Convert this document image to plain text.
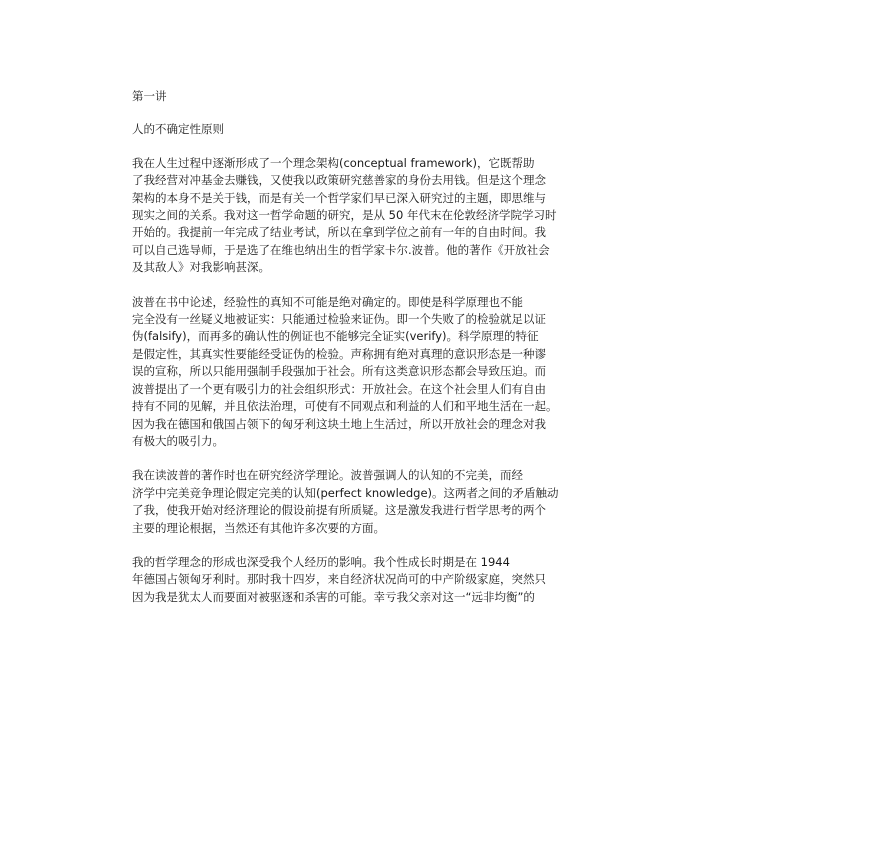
第一讲
人的不确定性原则

我在人生过程中逐渐形成了一个理念架构(conceptual framework)，它既帮助
了我经营对冲基金去赚钱，又使我以政策研究慈善家的身份去用钱。但是这个理念
架构的本身不是关于钱，而是有关一个哲学家们早已深入研究过的主题，即思维与
现实之间的关系。我对这一哲学命题的研究，是从 50 年代末在伦敦经济学院学习时
开始的。我提前一年完成了结业考试，所以在拿到学位之前有一年的自由时间。我
可以自己选导师，于是选了在维也纳出生的哲学家卡尔.波普。他的著作《开放社会
及其敌人》对我影响甚深。

波普在书中论述，经验性的真知不可能是绝对确定的。即使是科学原理也不能
完全没有一丝疑义地被证实：只能通过检验来证伪。即一个失败了的检验就足以证
伪(falsify)，而再多的确认性的例证也不能够完全证实(verify)。科学原理的特征
是假定性，其真实性要能经受证伪的检验。声称拥有绝对真理的意识形态是一种谬
误的宣称，所以只能用强制手段强加于社会。所有这类意识形态都会导致压迫。而
波普提出了一个更有吸引力的社会组织形式：开放社会。在这个社会里人们有自由
持有不同的见解，并且依法治理，可使有不同观点和利益的人们和平地生活在一起。
因为我在德国和俄国占领下的匈牙利这块土地上生活过，所以开放社会的理念对我
有极大的吸引力。

我在读波普的著作时也在研究经济学理论。波普强调人的认知的不完美，而经
济学中完美竞争理论假定完美的认知(perfect knowledge)。这两者之间的矛盾触动
了我，使我开始对经济理论的假设前提有所质疑。这是激发我进行哲学思考的两个
主要的理论根据，当然还有其他许多次要的方面。

我的哲学理念的形成也深受我个人经历的影响。我个性成长时期是在 1944
年德国占领匈牙利时。那时我十四岁，来自经济状况尚可的中产阶级家庭，突然只
因为我是犹太人而要面对被驱逐和杀害的可能。幸亏我父亲对这一“远非均衡”的
